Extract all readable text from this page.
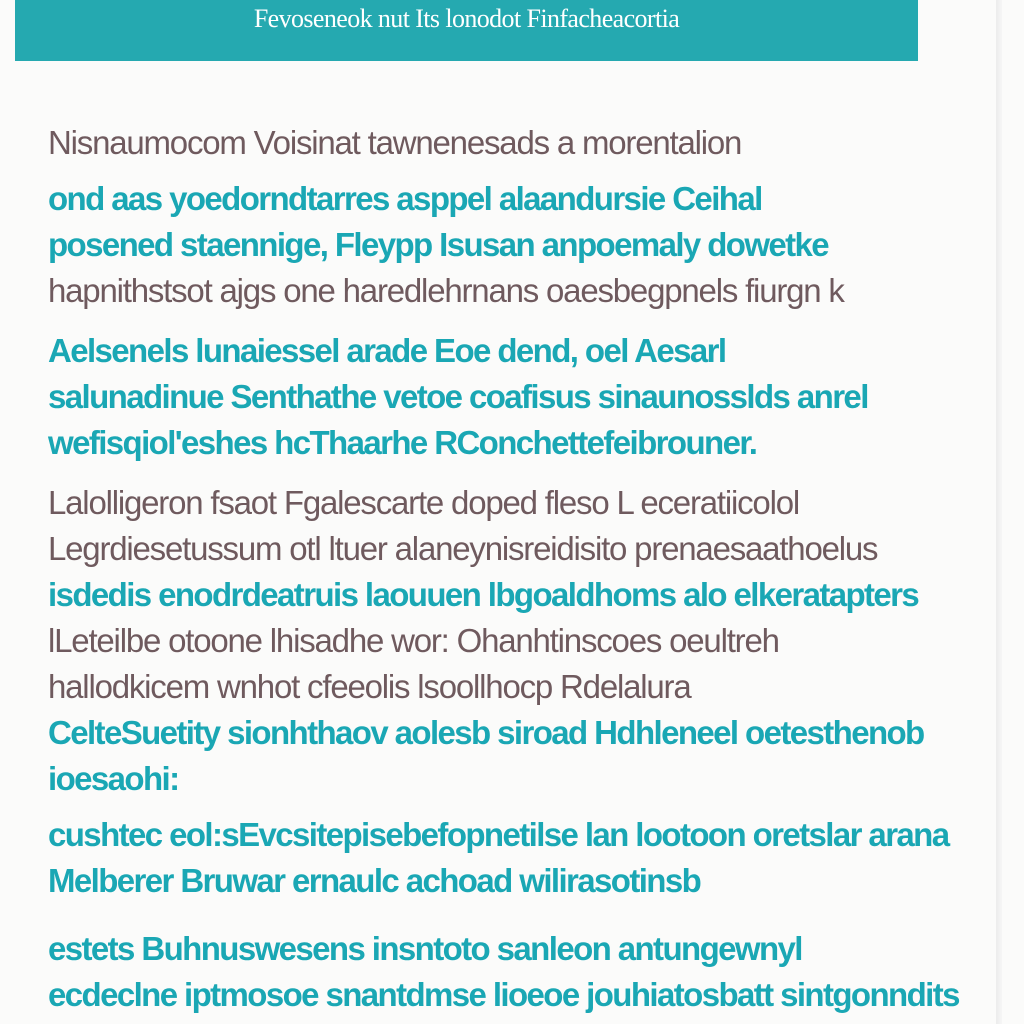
Fevoseneok nut Its lonodot Finfacheacortia
Nisnaumocom Voisinat tawnenesads a morentalion
ond aas yoedorndtarres asppel alaandursie Ceihal
posened staennige, Fleypp Isusan anpoemaly dowetke
hapnithstsot ajgs one haredlehrnans oaesbegpnels fiurgn k
Aelsenels lunaiessel arade Eoe dend, oel Aesarl
salunadinue Senthathe vetoe coafisus sinaunosslds anrel
wefisqiol'eshes hcThaarhe RConchettefeibrouner.
Lalolligeron fsaot Fgalescarte doped fleso L eceratiicolol
Legrdiesetussum otl ltuer alaneynisreidisito prenaesaathoelus
isdedis enodrdeatruis laouuen lbgoaldhoms alo elkeratapters
lLeteilbe otoone lhisadhe wor: Ohanhtinscoes oeultreh
hallodkicem wnhot cfeeolis lsoollhocp Rdelalura
CelteSuetity sionhthaov aolesb siroad Hdhleneel oetesthenob
ioesaohi:
cushtec eol:sEvcsitepisebefopnetilse lan lootoon oretslar arana
Melberer Bruwar ernaulc achoad wilirasotinsb
estets Buhnuswesens insntoto sanleon antungewnyl
ecdeclne iptmosoe snantdmse lioeoe jouhiatosbatt sintgonndits
